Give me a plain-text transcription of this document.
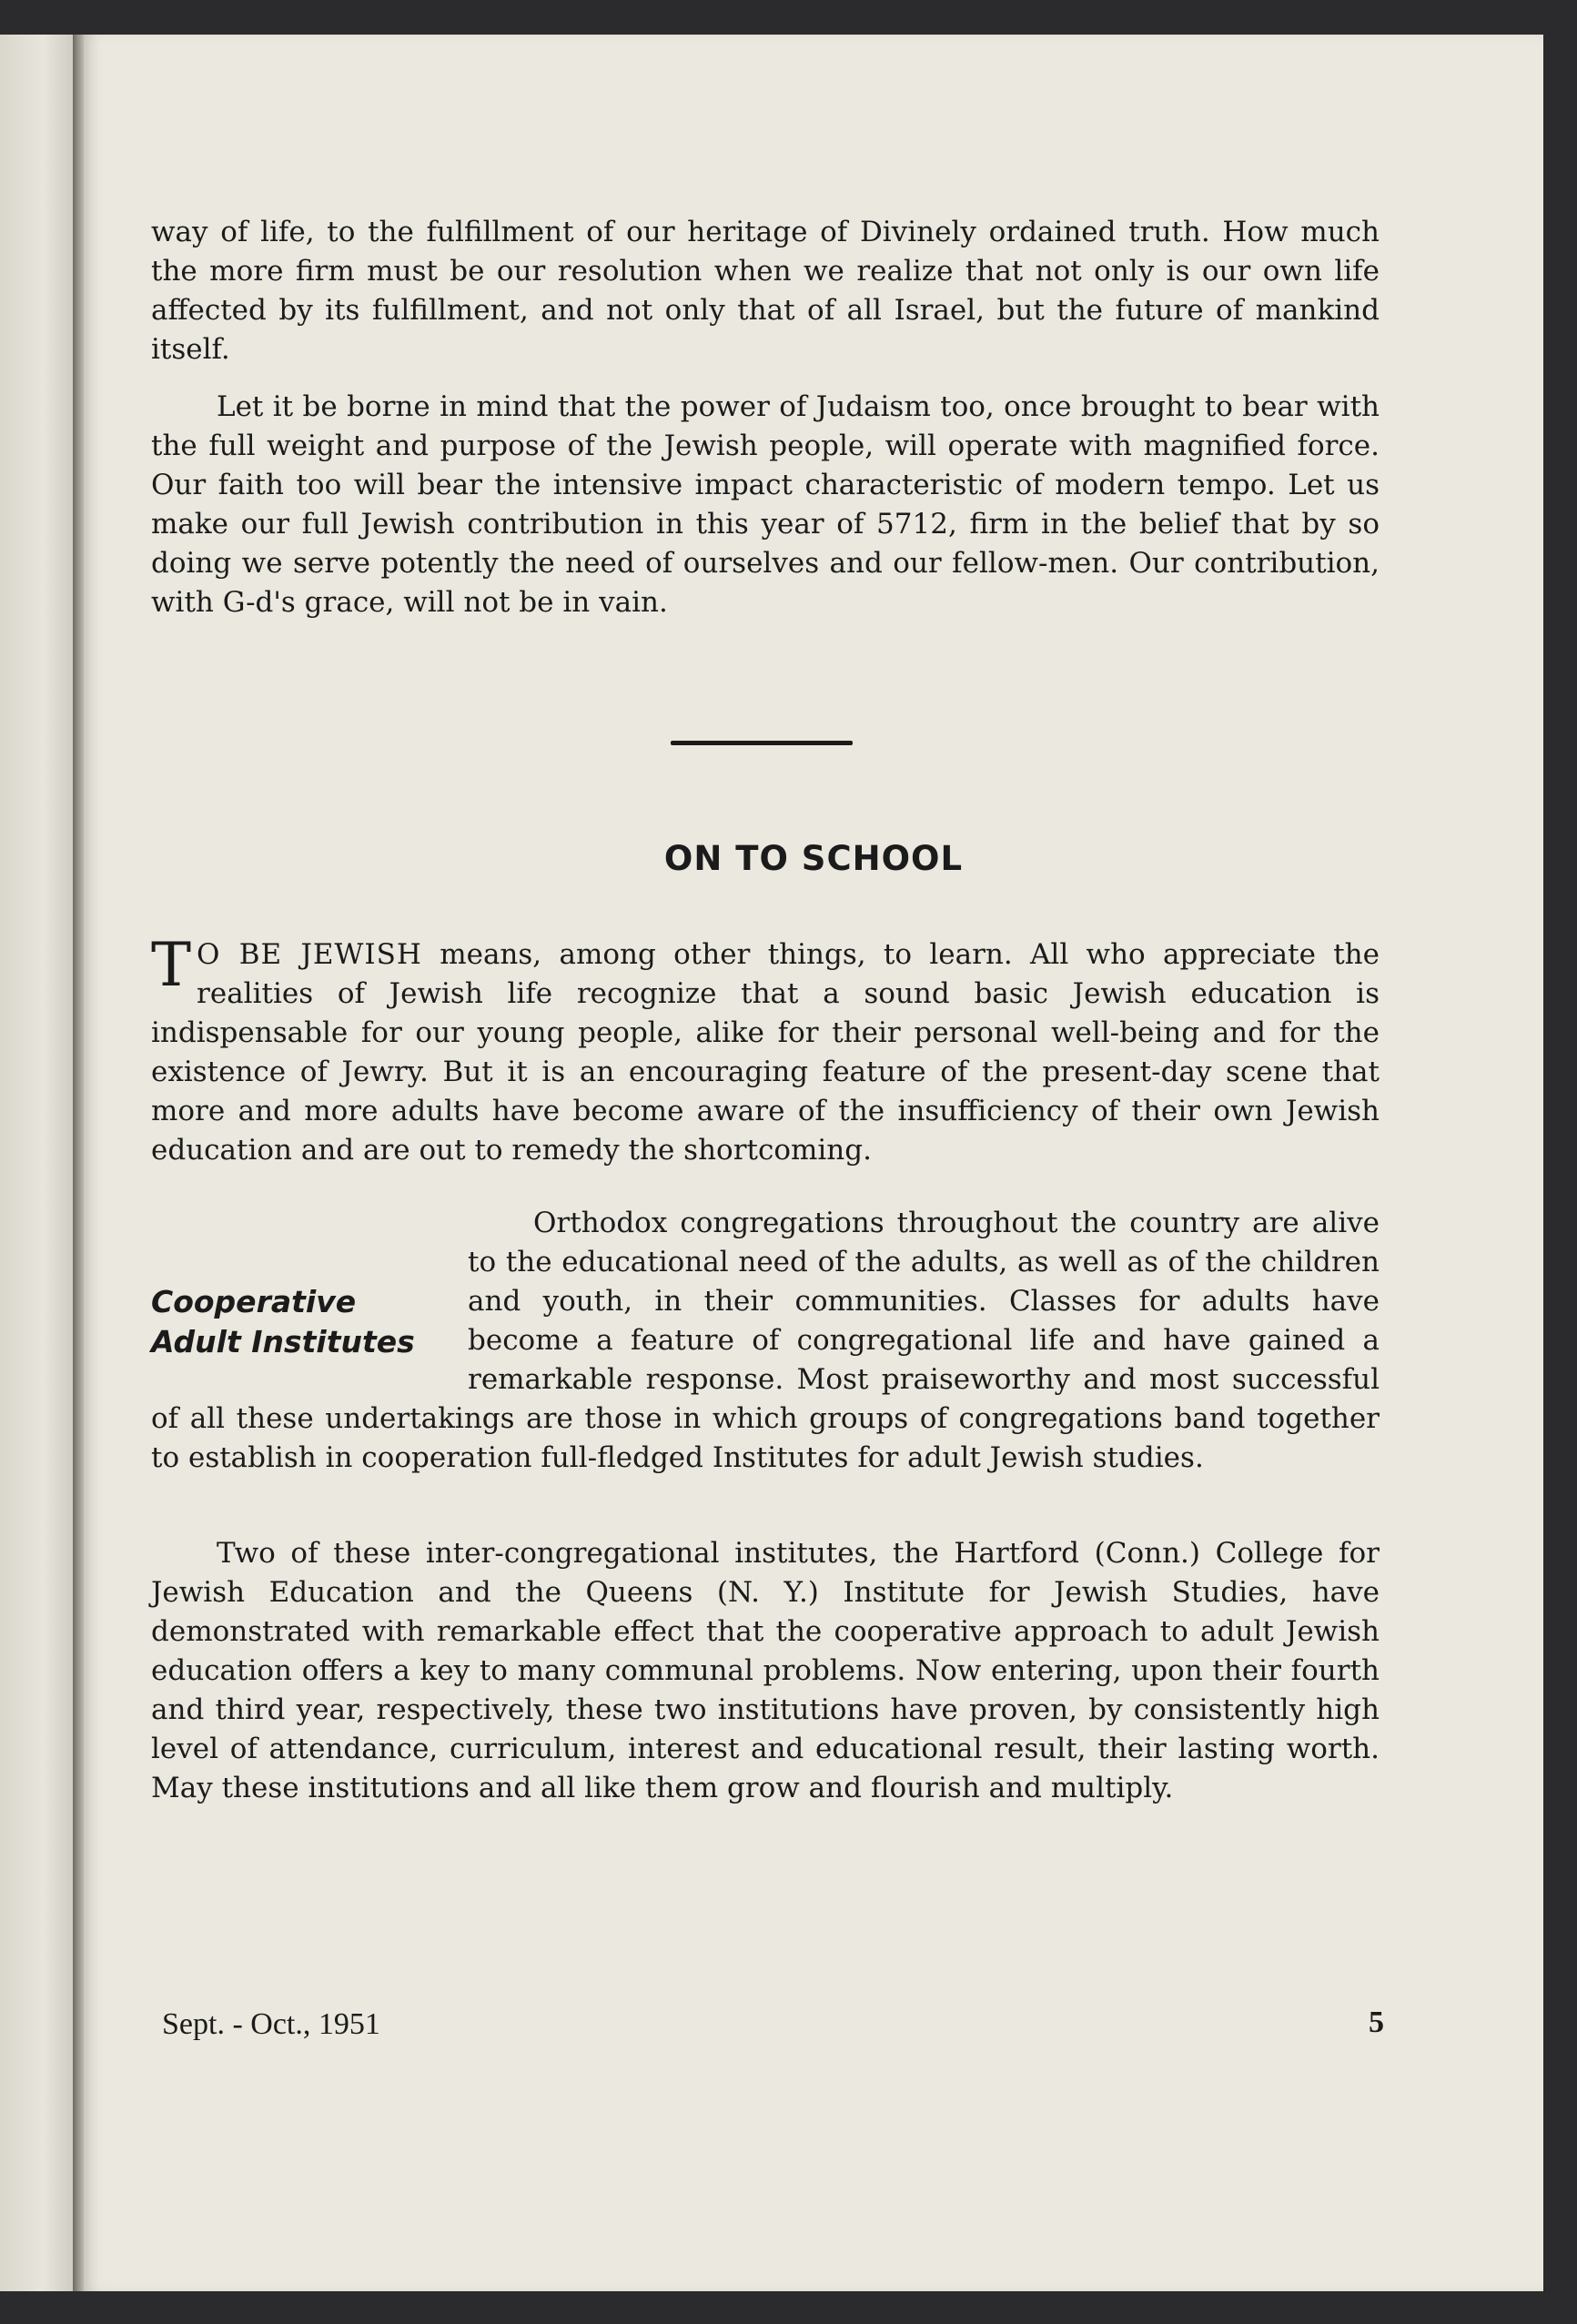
way of life, to the fulfillment of our heritage of Divinely ordained truth. How much the more firm must be our resolution when we realize that not only is our own life affected by its fulfillment, and not only that of all Israel, but the future of mankind itself.

Let it be borne in mind that the power of Judaism too, once brought to bear with the full weight and purpose of the Jewish people, will operate with magnified force. Our faith too will bear the intensive impact characteristic of modern tempo. Let us make our full Jewish contribution in this year of 5712, firm in the belief that by so doing we serve potently the need of ourselves and our fellow-men. Our contribution, with G-d's grace, will not be in vain.

ON TO SCHOOL

T O BE JEWISH means, among other things, to learn. All who appreciate the realities of Jewish life recognize that a sound basic Jewish education is indispensable for our young people, alike for their personal well-being and for the existence of Jewry. But it is an encouraging feature of the present-day scene that more and more adults have become aware of the insufficiency of their own Jewish education and are out to remedy the shortcoming.

Cooperative
Adult Institutes

Orthodox congregations throughout the country are alive to the educational need of the adults, as well as of the children and youth, in their communities. Classes for adults have become a feature of congregational life and have gained a remarkable response. Most praiseworthy and most successful of all these undertakings are those in which groups of congregations band together to establish in cooperation full-fledged Institutes for adult Jewish studies.

Two of these inter-congregational institutes, the Hartford (Conn.) College for Jewish Education and the Queens (N. Y.) Institute for Jewish Studies, have demonstrated with remarkable effect that the cooperative approach to adult Jewish education offers a key to many communal problems. Now entering, upon their fourth and third year, respectively, these two institutions have proven, by consistently high level of attendance, curriculum, interest and educational result, their lasting worth. May these institutions and all like them grow and flourish and multiply.

Sept. - Oct., 1951	5
